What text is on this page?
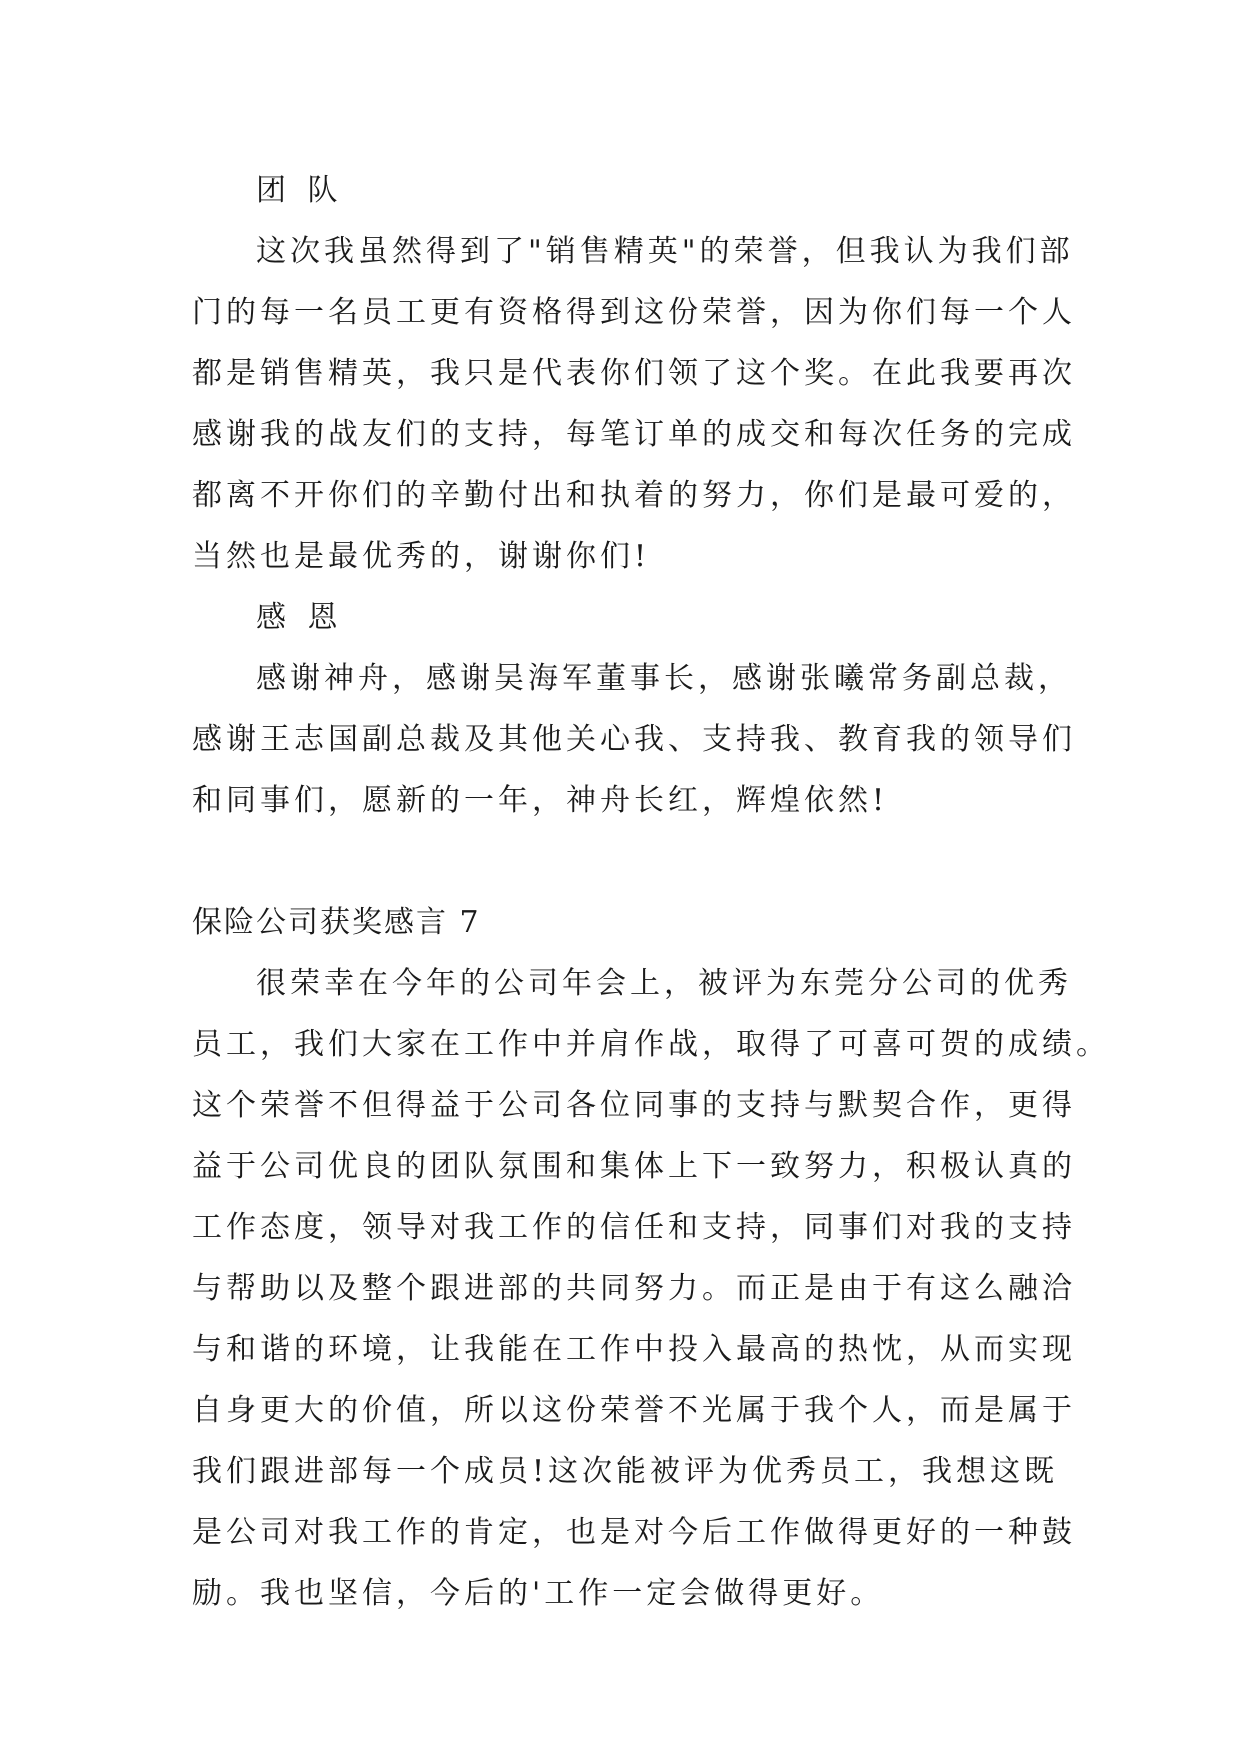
团 队
这次我虽然得到了"销售精英"的荣誉，但我认为我们部
门的每一名员工更有资格得到这份荣誉，因为你们每一个人
都是销售精英，我只是代表你们领了这个奖。在此我要再次
感谢我的战友们的支持，每笔订单的成交和每次任务的完成
都离不开你们的辛勤付出和执着的努力，你们是最可爱的，
当然也是最优秀的，谢谢你们!
感 恩
感谢神舟，感谢吴海军董事长，感谢张曦常务副总裁，
感谢王志国副总裁及其他关心我、支持我、教育我的领导们
和同事们，愿新的一年，神舟长红，辉煌依然!
保险公司获奖感言 7
很荣幸在今年的公司年会上，被评为东莞分公司的优秀
员工，我们大家在工作中并肩作战，取得了可喜可贺的成绩。
这个荣誉不但得益于公司各位同事的支持与默契合作，更得
益于公司优良的团队氛围和集体上下一致努力，积极认真的
工作态度，领导对我工作的信任和支持，同事们对我的支持
与帮助以及整个跟进部的共同努力。而正是由于有这么融洽
与和谐的环境，让我能在工作中投入最高的热忱，从而实现
自身更大的价值，所以这份荣誉不光属于我个人，而是属于
我们跟进部每一个成员!这次能被评为优秀员工，我想这既
是公司对我工作的肯定，也是对今后工作做得更好的一种鼓
励。我也坚信，今后的'工作一定会做得更好。
